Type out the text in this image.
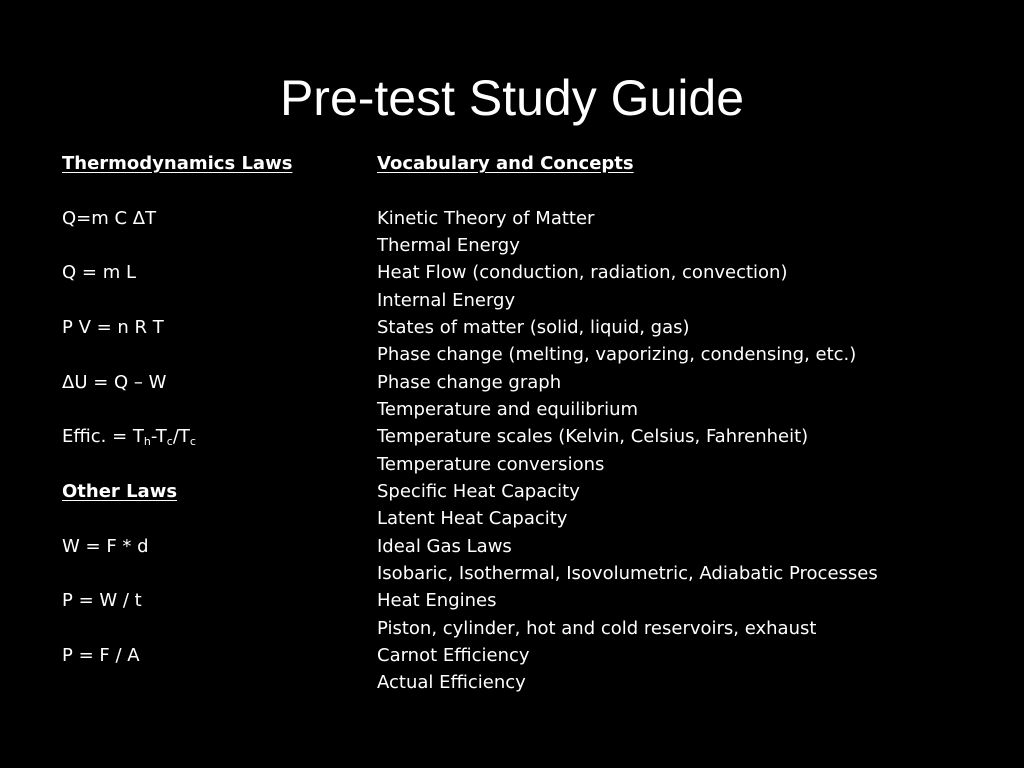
Pre-test Study Guide
Thermodynamics Laws
Q=m C ΔT
Q = m L
P V = n R T
ΔU = Q – W
Effic. = $T_h-T_c/T_c$
Other Laws
W = F * d
P = W / t
P = F / A
Vocabulary and Concepts
Kinetic Theory of Matter
Thermal Energy
Heat Flow (conduction, radiation, convection)
Internal Energy
States of matter (solid, liquid, gas)
Phase change (melting, vaporizing, condensing, etc.)
Phase change graph
Temperature and equilibrium
Temperature scales (Kelvin, Celsius, Fahrenheit)
Temperature conversions
Specific Heat Capacity
Latent Heat Capacity
Ideal Gas Laws
Isobaric, Isothermal, Isovolumetric, Adiabatic Processes
Heat Engines
Piston, cylinder, hot and cold reservoirs, exhaust
Carnot Efficiency
Actual Efficiency
